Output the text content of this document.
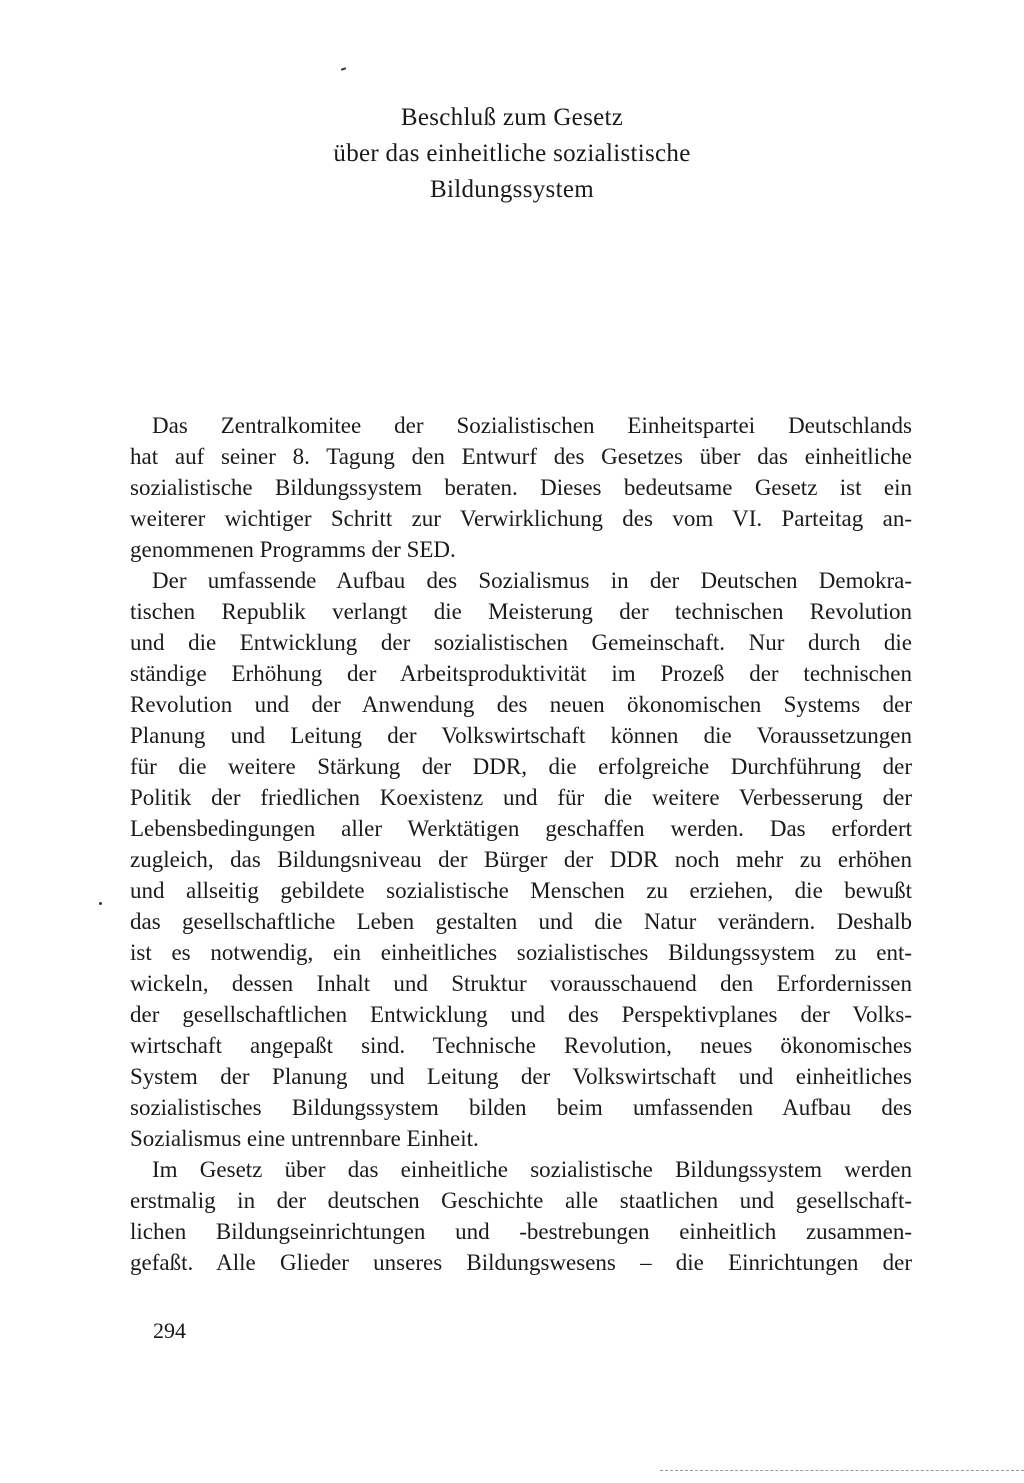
Beschluß zum Gesetz
über das einheitliche sozialistische
Bildungssystem
Das Zentralkomitee der Sozialistischen Einheitspartei Deutschlands
hat auf seiner 8. Tagung den Entwurf des Gesetzes über das einheitliche
sozialistische Bildungssystem beraten. Dieses bedeutsame Gesetz ist ein
weiterer wichtiger Schritt zur Verwirklichung des vom VI. Parteitag an-
genommenen Programms der SED.
Der umfassende Aufbau des Sozialismus in der Deutschen Demokra-
tischen Republik verlangt die Meisterung der technischen Revolution
und die Entwicklung der sozialistischen Gemeinschaft. Nur durch die
ständige Erhöhung der Arbeitsproduktivität im Prozeß der technischen
Revolution und der Anwendung des neuen ökonomischen Systems der
Planung und Leitung der Volkswirtschaft können die Voraussetzungen
für die weitere Stärkung der DDR, die erfolgreiche Durchführung der
Politik der friedlichen Koexistenz und für die weitere Verbesserung der
Lebensbedingungen aller Werktätigen geschaffen werden. Das erfordert
zugleich, das Bildungsniveau der Bürger der DDR noch mehr zu erhöhen
und allseitig gebildete sozialistische Menschen zu erziehen, die bewußt
das gesellschaftliche Leben gestalten und die Natur verändern. Deshalb
ist es notwendig, ein einheitliches sozialistisches Bildungssystem zu ent-
wickeln, dessen Inhalt und Struktur vorausschauend den Erfordernissen
der gesellschaftlichen Entwicklung und des Perspektivplanes der Volks-
wirtschaft angepaßt sind. Technische Revolution, neues ökonomisches
System der Planung und Leitung der Volkswirtschaft und einheitliches
sozialistisches Bildungssystem bilden beim umfassenden Aufbau des
Sozialismus eine untrennbare Einheit.
Im Gesetz über das einheitliche sozialistische Bildungssystem werden
erstmalig in der deutschen Geschichte alle staatlichen und gesellschaft-
lichen Bildungseinrichtungen und -bestrebungen einheitlich zusammen-
gefaßt. Alle Glieder unseres Bildungswesens – die Einrichtungen der
294
